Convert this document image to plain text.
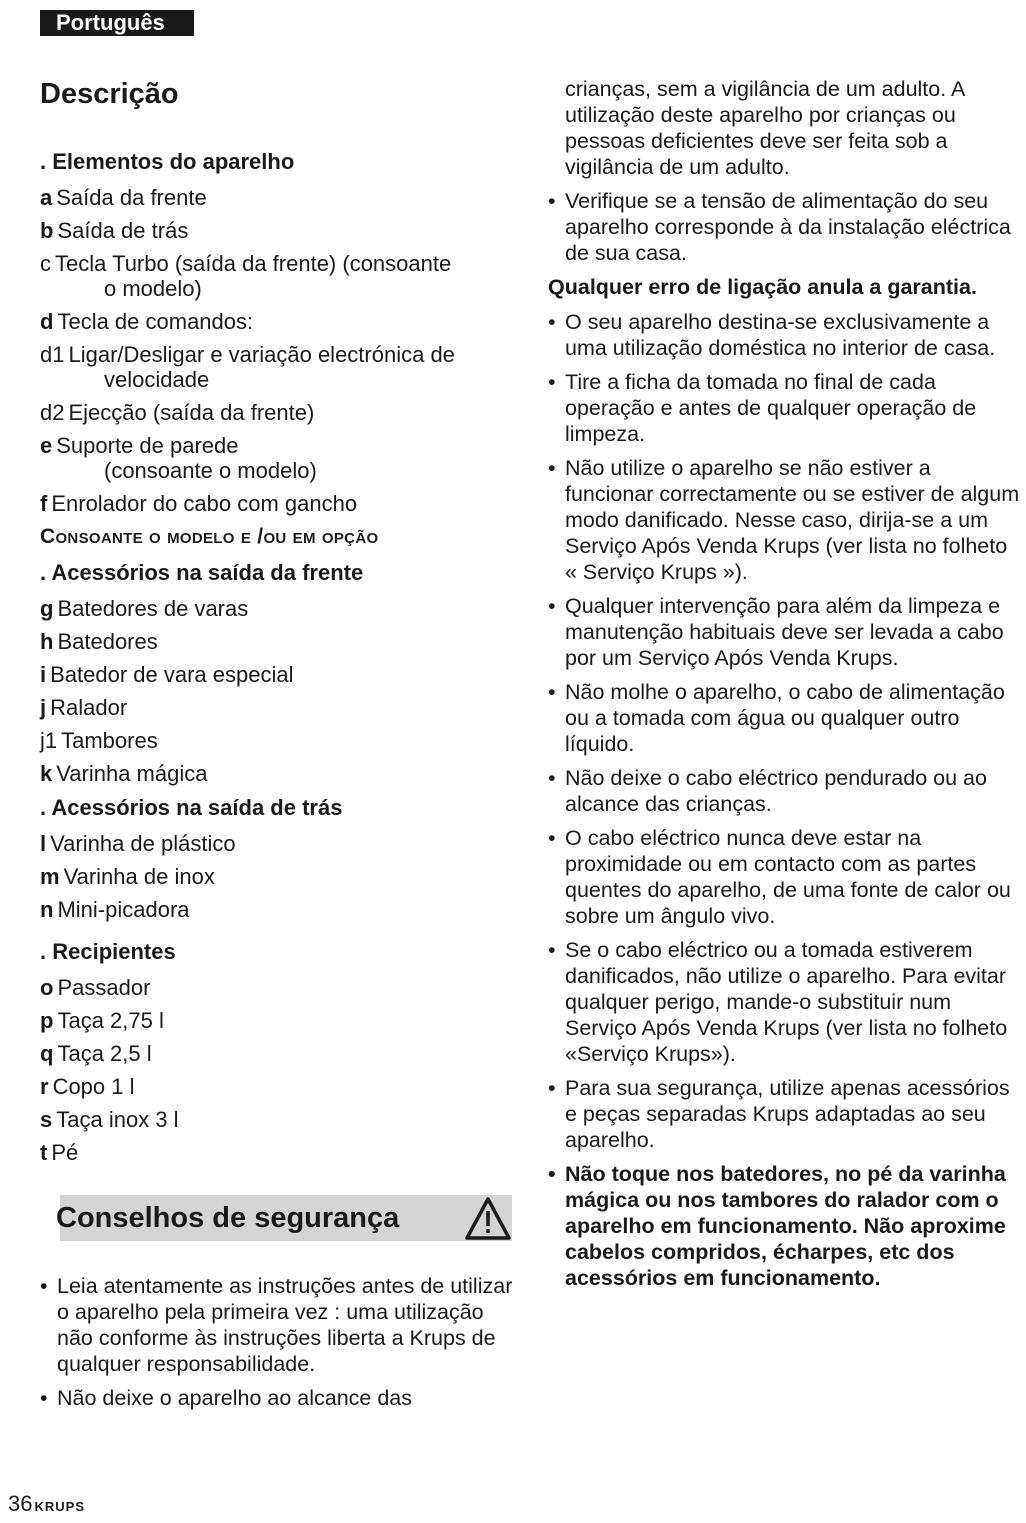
Português
Descrição
. Elementos do aparelho
a Saída da frente
b Saída de trás
c Tecla Turbo (saída da frente) (consoante
o modelo)
d Tecla de comandos:
d1 Ligar/Desligar e variação electrónica de
velocidade
d2 Ejecção (saída da frente)
e Suporte de parede
(consoante o modelo)
f Enrolador do cabo com gancho
Consoante o modelo e /ou em opção
. Acessórios na saída da frente
g Batedores de varas
h Batedores
i Batedor de vara especial
j Ralador
j1 Tambores
k Varinha mágica
. Acessórios na saída de trás
l Varinha de plástico
m Varinha de inox
n Mini-picadora
. Recipientes
o Passador
p Taça 2,75 l
q Taça 2,5 l
r Copo 1 l
s Taça inox 3 l
t Pé
Conselhos de segurança
• Leia atentamente as instruções antes de utilizar o aparelho pela primeira vez : uma utilização não conforme às instruções liberta a Krups de qualquer responsabilidade.
• Não deixe o aparelho ao alcance das
crianças, sem a vigilância de um adulto. A utilização deste aparelho por crianças ou pessoas deficientes deve ser feita sob a vigilância de um adulto.
• Verifique se a tensão de alimentação do seu aparelho corresponde à da instalação eléctrica de sua casa.
Qualquer erro de ligação anula a garantia.
• O seu aparelho destina-se exclusivamente a uma utilização doméstica no interior de casa.
• Tire a ficha da tomada no final de cada operação e antes de qualquer operação de limpeza.
• Não utilize o aparelho se não estiver a funcionar correctamente ou se estiver de algum modo danificado. Nesse caso, dirija-se a um Serviço Após Venda Krups (ver lista no folheto « Serviço Krups »).
• Qualquer intervenção para além da limpeza e manutenção habituais deve ser levada a cabo por um Serviço Após Venda Krups.
• Não molhe o aparelho, o cabo de alimentação ou a tomada com água ou qualquer outro líquido.
• Não deixe o cabo eléctrico pendurado ou ao alcance das crianças.
• O cabo eléctrico nunca deve estar na proximidade ou em contacto com as partes quentes do aparelho, de uma fonte de calor ou sobre um ângulo vivo.
• Se o cabo eléctrico ou a tomada estiverem danificados, não utilize o aparelho. Para evitar qualquer perigo, mande-o substituir num Serviço Após Venda Krups (ver lista no folheto «Serviço Krups»).
• Para sua segurança, utilize apenas acessórios e peças separadas Krups adaptadas ao seu aparelho.
• Não toque nos batedores, no pé da varinha mágica ou nos tambores do ralador com o aparelho em funcionamento. Não aproxime cabelos compridos, écharpes, etc dos acessórios em funcionamento.
36 KRUPS
